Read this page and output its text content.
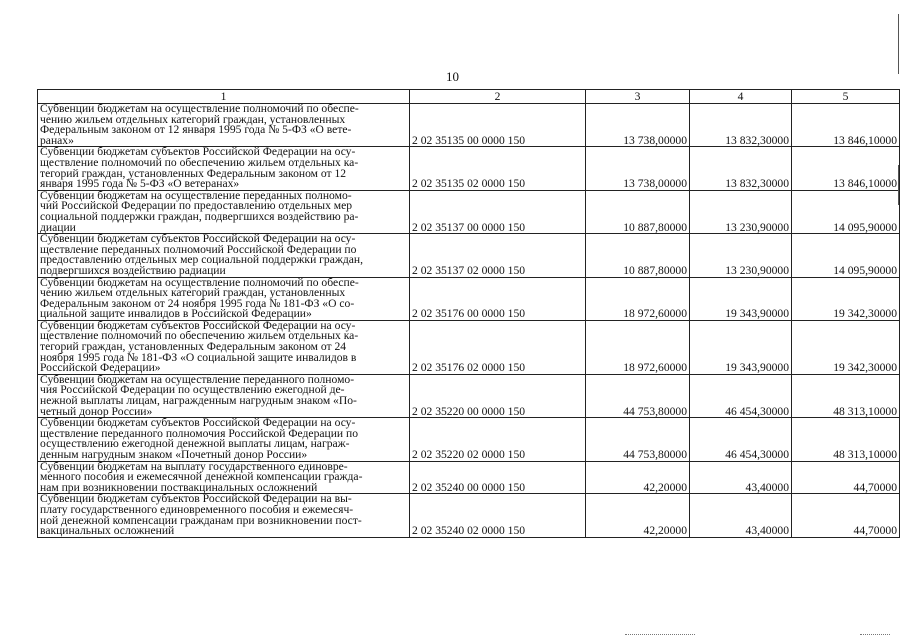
10
1	2	3	4	5

Субвенции бюджетам на осуществление полномочий по обеспе-
чению жильем отдельных категорий граждан, установленных
Федеральным законом от 12 января 1995 года № 5-ФЗ «О вете-
ранах»	2 02 35135 00 0000 150	13 738,00000	13 832,30000	13 846,10000

Субвенции бюджетам субъектов Российской Федерации на осу-
ществление полномочий по обеспечению жильем отдельных ка-
тегорий граждан, установленных Федеральным законом от 12
января 1995 года № 5-ФЗ «О ветеранах»	2 02 35135 02 0000 150	13 738,00000	13 832,30000	13 846,10000

Субвенции бюджетам на осуществление переданных полномо-
чий Российской Федерации по предоставлению отдельных мер
социальной поддержки граждан, подвергшихся воздействию ра-
диации	2 02 35137 00 0000 150	10 887,80000	13 230,90000	14 095,90000

Субвенции бюджетам субъектов Российской Федерации на осу-
ществление переданных полномочий Российской Федерации по
предоставлению отдельных мер социальной поддержки граждан,
подвергшихся воздействию радиации	2 02 35137 02 0000 150	10 887,80000	13 230,90000	14 095,90000

Субвенции бюджетам на осуществление полномочий по обеспе-
чению жильем отдельных категорий граждан, установленных
Федеральным законом от 24 ноября 1995 года № 181-ФЗ «О со-
циальной защите инвалидов в Российской Федерации»	2 02 35176 00 0000 150	18 972,60000	19 343,90000	19 342,30000

Субвенции бюджетам субъектов Российской Федерации на осу-
ществление полномочий по обеспечению жильем отдельных ка-
тегорий граждан, установленных Федеральным законом от 24
ноября 1995 года № 181-ФЗ «О социальной защите инвалидов в
Российской Федерации»	2 02 35176 02 0000 150	18 972,60000	19 343,90000	19 342,30000

Субвенции бюджетам на осуществление переданного полномо-
чия Российской Федерации по осуществлению ежегодной де-
нежной выплаты лицам, награжденным нагрудным знаком «По-
четный донор России»	2 02 35220 00 0000 150	44 753,80000	46 454,30000	48 313,10000

Субвенции бюджетам субъектов Российской Федерации на осу-
ществление переданного полномочия Российской Федерации по
осуществлению ежегодной денежной выплаты лицам, награж-
денным нагрудным знаком «Почетный донор России»	2 02 35220 02 0000 150	44 753,80000	46 454,30000	48 313,10000

Субвенции бюджетам на выплату государственного единовре-
менного пособия и ежемесячной денежной компенсации гражда-
нам при возникновении поствакцинальных осложнений	2 02 35240 00 0000 150	42,20000	43,40000	44,70000

Субвенции бюджетам субъектов Российской Федерации на вы-
плату государственного единовременного пособия и ежемесяч-
ной денежной компенсации гражданам при возникновении пост-
вакцинальных осложнений	2 02 35240 02 0000 150	42,20000	43,40000	44,70000
